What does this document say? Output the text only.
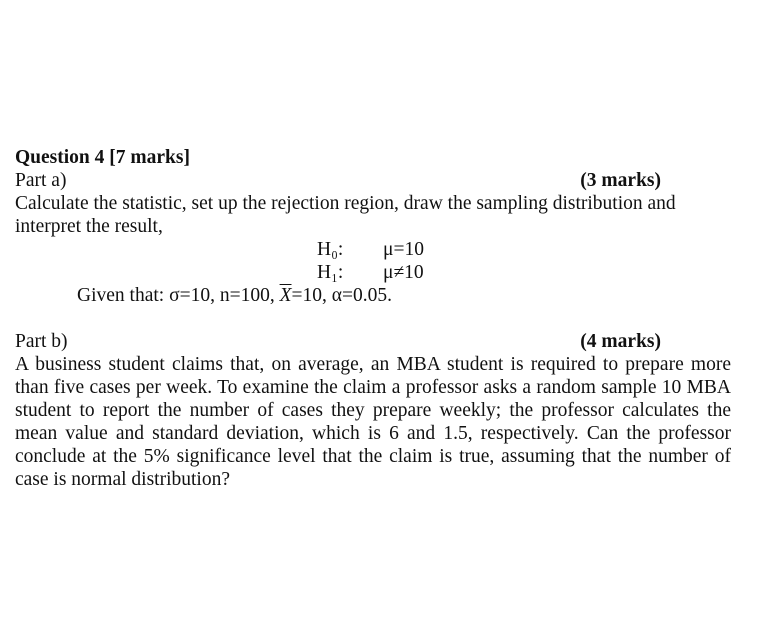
Question 4 [7 marks]

Part a)	(3 marks)

Calculate the statistic, set up the rejection region, draw the sampling distribution and interpret the result,

H₀:	μ=10
H₁:	μ≠10
Given that: σ=10, n=100, $\overline{X}=10$, α=0.05.
Part b)	(4 marks)

A business student claims that, on average, an MBA student is required to prepare more than five cases per week. To examine the claim a professor asks a random sample 10 MBA student to report the number of cases they prepare weekly; the professor calculates the mean value and standard deviation, which is 6 and 1.5, respectively. Can the professor conclude at the 5% significance level that the claim is true, assuming that the number of case is normal distribution?
